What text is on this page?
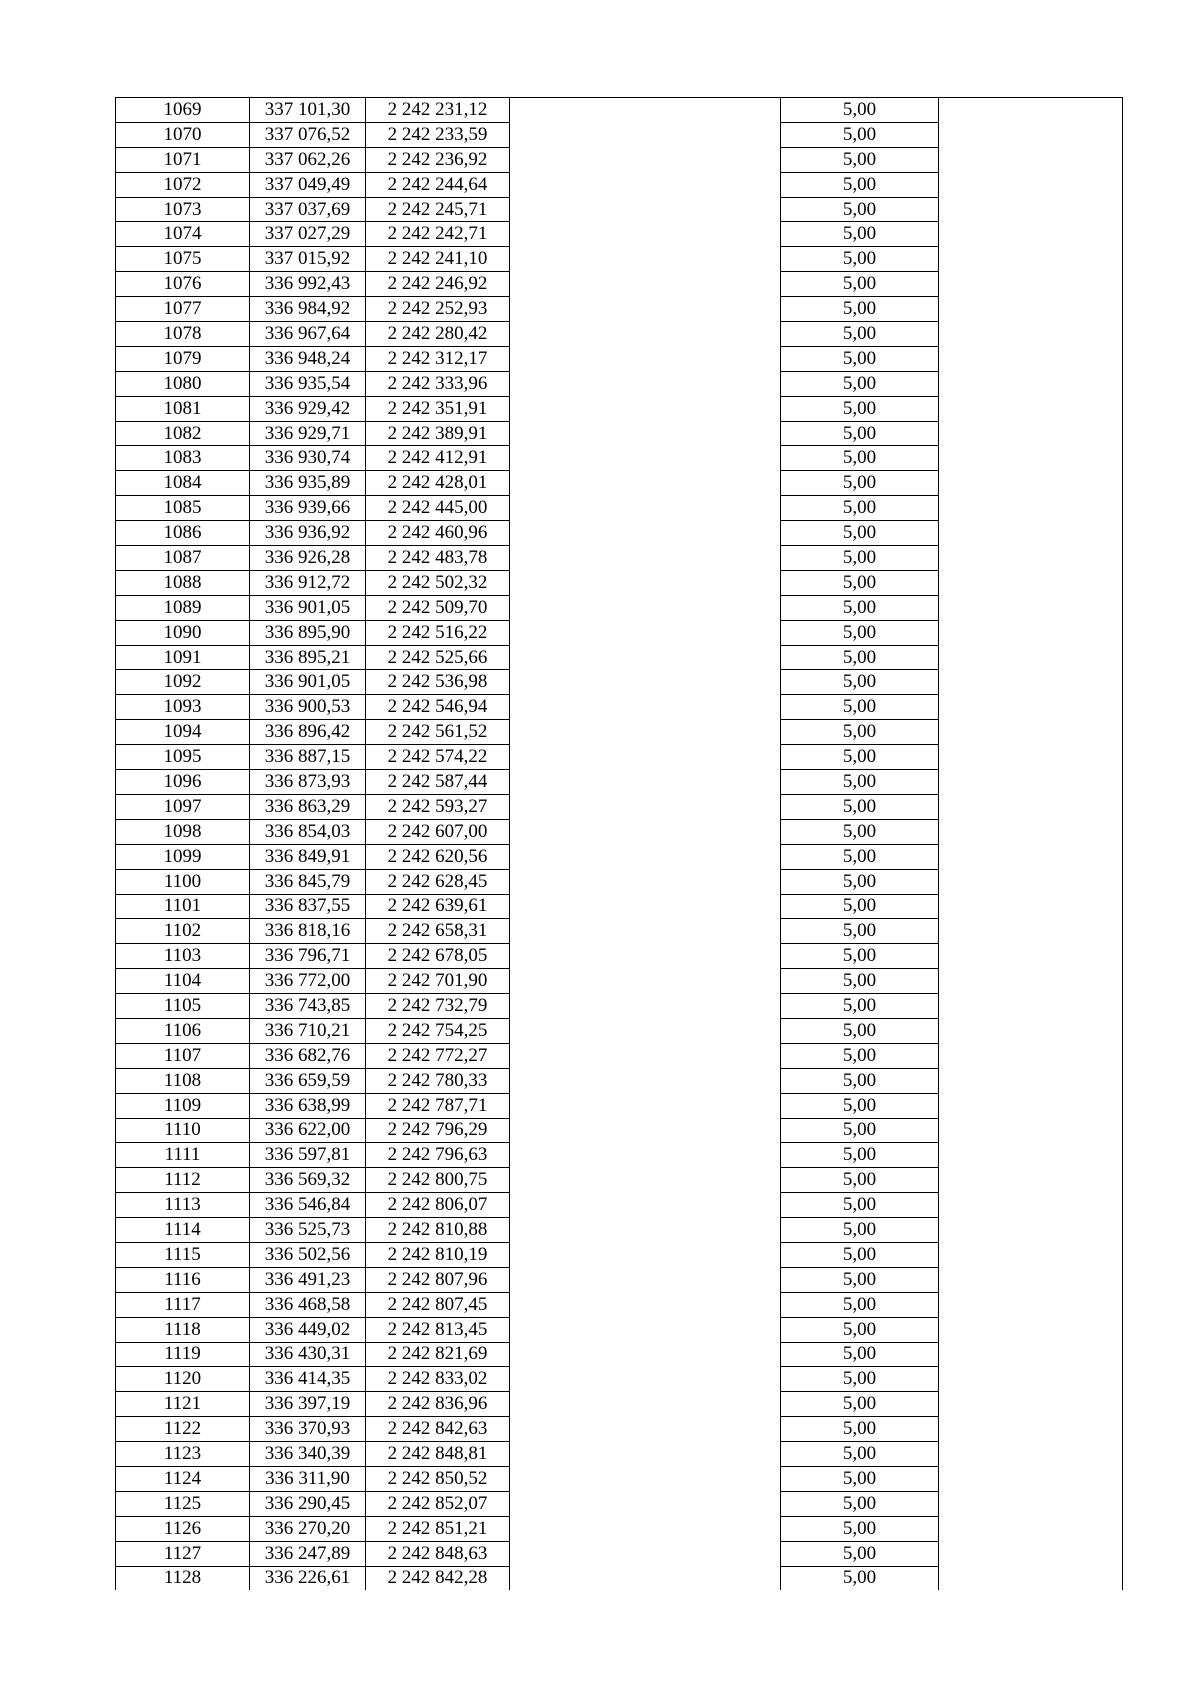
1069	337 101,30	2 242 231,12		5,00	
1070	337 076,52	2 242 233,59		5,00	
1071	337 062,26	2 242 236,92		5,00	
1072	337 049,49	2 242 244,64		5,00	
1073	337 037,69	2 242 245,71		5,00	
1074	337 027,29	2 242 242,71		5,00	
1075	337 015,92	2 242 241,10		5,00	
1076	336 992,43	2 242 246,92		5,00	
1077	336 984,92	2 242 252,93		5,00	
1078	336 967,64	2 242 280,42		5,00	
1079	336 948,24	2 242 312,17		5,00	
1080	336 935,54	2 242 333,96		5,00	
1081	336 929,42	2 242 351,91		5,00	
1082	336 929,71	2 242 389,91		5,00	
1083	336 930,74	2 242 412,91		5,00	
1084	336 935,89	2 242 428,01		5,00	
1085	336 939,66	2 242 445,00		5,00	
1086	336 936,92	2 242 460,96		5,00	
1087	336 926,28	2 242 483,78		5,00	
1088	336 912,72	2 242 502,32		5,00	
1089	336 901,05	2 242 509,70		5,00	
1090	336 895,90	2 242 516,22		5,00	
1091	336 895,21	2 242 525,66		5,00	
1092	336 901,05	2 242 536,98		5,00	
1093	336 900,53	2 242 546,94		5,00	
1094	336 896,42	2 242 561,52		5,00	
1095	336 887,15	2 242 574,22		5,00	
1096	336 873,93	2 242 587,44		5,00	
1097	336 863,29	2 242 593,27		5,00	
1098	336 854,03	2 242 607,00		5,00	
1099	336 849,91	2 242 620,56		5,00	
1100	336 845,79	2 242 628,45		5,00	
1101	336 837,55	2 242 639,61		5,00	
1102	336 818,16	2 242 658,31		5,00	
1103	336 796,71	2 242 678,05		5,00	
1104	336 772,00	2 242 701,90		5,00	
1105	336 743,85	2 242 732,79		5,00	
1106	336 710,21	2 242 754,25		5,00	
1107	336 682,76	2 242 772,27		5,00	
1108	336 659,59	2 242 780,33		5,00	
1109	336 638,99	2 242 787,71		5,00	
1110	336 622,00	2 242 796,29		5,00	
1111	336 597,81	2 242 796,63		5,00	
1112	336 569,32	2 242 800,75		5,00	
1113	336 546,84	2 242 806,07		5,00	
1114	336 525,73	2 242 810,88		5,00	
1115	336 502,56	2 242 810,19		5,00	
1116	336 491,23	2 242 807,96		5,00	
1117	336 468,58	2 242 807,45		5,00	
1118	336 449,02	2 242 813,45		5,00	
1119	336 430,31	2 242 821,69		5,00	
1120	336 414,35	2 242 833,02		5,00	
1121	336 397,19	2 242 836,96		5,00	
1122	336 370,93	2 242 842,63		5,00	
1123	336 340,39	2 242 848,81		5,00	
1124	336 311,90	2 242 850,52		5,00	
1125	336 290,45	2 242 852,07		5,00	
1126	336 270,20	2 242 851,21		5,00	
1127	336 247,89	2 242 848,63		5,00	
1128	336 226,61	2 242 842,28		5,00	
